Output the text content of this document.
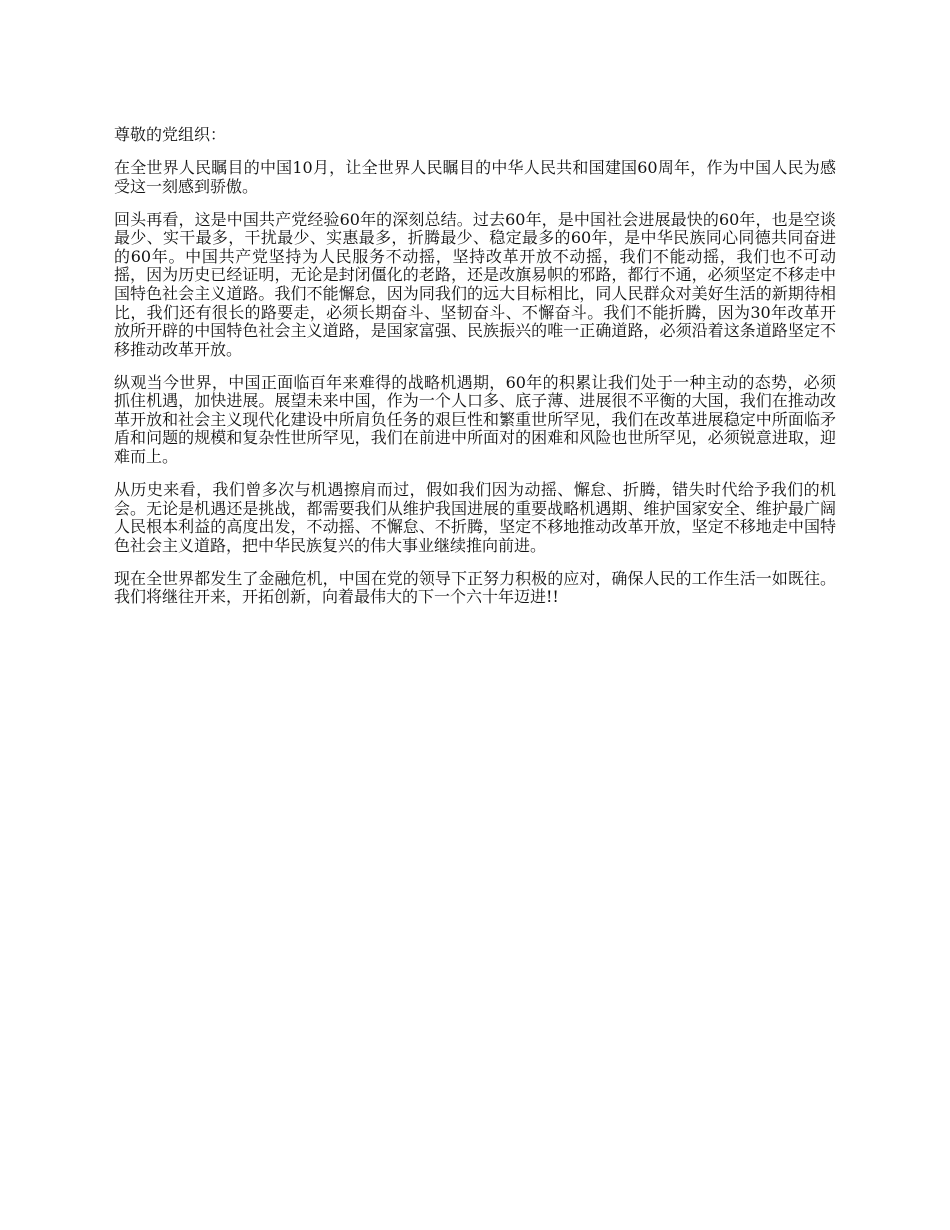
尊敬的党组织：

在全世界人民瞩目的中国10月，让全世界人民瞩目的中华人民共和国建国60周年，作为中国人民为感受这一刻感到骄傲。

回头再看，这是中国共产党经验60年的深刻总结。过去60年，是中国社会进展最快的60年，也是空谈最少、实干最多，干扰最少、实惠最多，折腾最少、稳定最多的60年，是中华民族同心同德共同奋进的60年。中国共产党坚持为人民服务不动摇，坚持改革开放不动摇，我们不能动摇，我们也不可动摇，因为历史已经证明，无论是封闭僵化的老路，还是改旗易帜的邪路，都行不通，必须坚定不移走中国特色社会主义道路。我们不能懈怠，因为同我们的远大目标相比，同人民群众对美好生活的新期待相比，我们还有很长的路要走，必须长期奋斗、坚韧奋斗、不懈奋斗。我们不能折腾，因为30年改革开放所开辟的中国特色社会主义道路，是国家富强、民族振兴的唯一正确道路，必须沿着这条道路坚定不移推动改革开放。

纵观当今世界，中国正面临百年来难得的战略机遇期，60年的积累让我们处于一种主动的态势，必须抓住机遇，加快进展。展望未来中国，作为一个人口多、底子薄、进展很不平衡的大国，我们在推动改革开放和社会主义现代化建设中所肩负任务的艰巨性和繁重世所罕见，我们在改革进展稳定中所面临矛盾和问题的规模和复杂性世所罕见，我们在前进中所面对的困难和风险也世所罕见，必须锐意进取，迎难而上。

从历史来看，我们曾多次与机遇擦肩而过，假如我们因为动摇、懈怠、折腾，错失时代给予我们的机会。无论是机遇还是挑战，都需要我们从维护我国进展的重要战略机遇期、维护国家安全、维护最广阔人民根本利益的高度出发，不动摇、不懈怠、不折腾，坚定不移地推动改革开放，坚定不移地走中国特色社会主义道路，把中华民族复兴的伟大事业继续推向前进。

现在全世界都发生了金融危机，中国在党的领导下正努力积极的应对，确保人民的工作生活一如既往。我们将继往开来，开拓创新，向着最伟大的下一个六十年迈进!!
